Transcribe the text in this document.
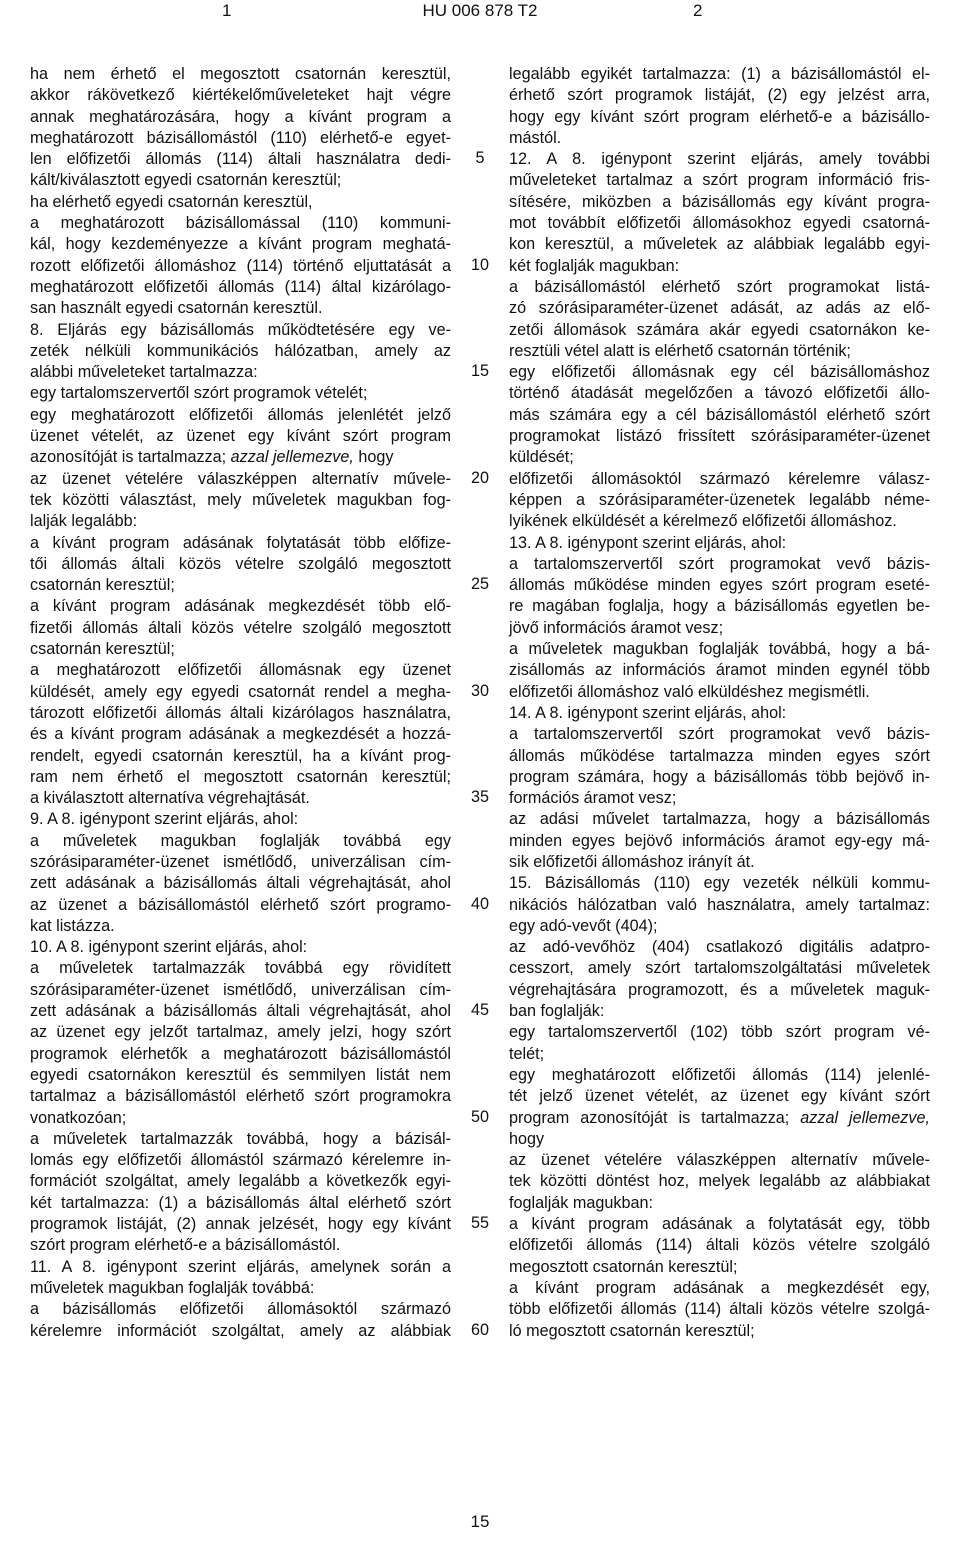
1	HU 006 878 T2	2
ha nem érhető el megosztott csatornán keresztül,
akkor rákövetkező kiértékelőműveleteket hajt végre
annak meghatározására, hogy a kívánt program a
meghatározott bázisállomástól (110) elérhető-e egyet-
len előfizetői állomás (114) általi használatra dedi-
kált/kiválasztott egyedi csatornán keresztül;
ha elérhető egyedi csatornán keresztül,
a meghatározott bázisállomással (110) kommuni-
kál, hogy kezdeményezze a kívánt program meghatá-
rozott előfizetői állomáshoz (114) történő eljuttatását a
meghatározott előfizetői állomás (114) által kizárólago-
san használt egyedi csatornán keresztül.
8. Eljárás egy bázisállomás működtetésére egy ve-
zeték nélküli kommunikációs hálózatban, amely az
alábbi műveleteket tartalmazza:
egy tartalomszervertől szórt programok vételét;
egy meghatározott előfizetői állomás jelenlétét jelző
üzenet vételét, az üzenet egy kívánt szórt program
azonosítóját is tartalmazza; azzal jellemezve, hogy
az üzenet vételére válaszképpen alternatív művele-
tek közötti választást, mely műveletek magukban fog-
lalják legalább:
a kívánt program adásának folytatását több előfize-
tői állomás általi közös vételre szolgáló megosztott
csatornán keresztül;
a kívánt program adásának megkezdését több elő-
fizetői állomás általi közös vételre szolgáló megosztott
csatornán keresztül;
a meghatározott előfizetői állomásnak egy üzenet
küldését, amely egy egyedi csatornát rendel a megha-
tározott előfizetői állomás általi kizárólagos használatra,
és a kívánt program adásának a megkezdését a hozzá-
rendelt, egyedi csatornán keresztül, ha a kívánt prog-
ram nem érhető el megosztott csatornán keresztül;
a kiválasztott alternatíva végrehajtását.
9. A 8. igénypont szerint eljárás, ahol:
a műveletek magukban foglalják továbbá egy
szórásiparaméter-üzenet ismétlődő, univerzálisan cím-
zett adásának a bázisállomás általi végrehajtását, ahol
az üzenet a bázisállomástól elérhető szórt programo-
kat listázza.
10. A 8. igénypont szerint eljárás, ahol:
a műveletek tartalmazzák továbbá egy rövidített
szórásiparaméter-üzenet ismétlődő, univerzálisan cím-
zett adásának a bázisállomás általi végrehajtását, ahol
az üzenet egy jelzőt tartalmaz, amely jelzi, hogy szórt
programok elérhetők a meghatározott bázisállomástól
egyedi csatornákon keresztül és semmilyen listát nem
tartalmaz a bázisállomástól elérhető szórt programokra
vonatkozóan;
a műveletek tartalmazzák továbbá, hogy a bázisál-
lomás egy előfizetői állomástól származó kérelemre in-
formációt szolgáltat, amely legalább a következők egyi-
két tartalmazza: (1) a bázisállomás által elérhető szórt
programok listáját, (2) annak jelzését, hogy egy kívánt
szórt program elérhető-e a bázisállomástól.
11. A 8. igénypont szerint eljárás, amelynek során a
műveletek magukban foglalják továbbá:
a bázisállomás előfizetői állomásoktól származó
kérelemre információt szolgáltat, amely az alábbiak
legalább egyikét tartalmazza: (1) a bázisállomástól el-
érhető szórt programok listáját, (2) egy jelzést arra,
hogy egy kívánt szórt program elérhető-e a bázisállo-
mástól.
12. A 8. igénypont szerint eljárás, amely további
műveleteket tartalmaz a szórt program információ fris-
sítésére, miközben a bázisállomás egy kívánt progra-
mot továbbít előfizetői állomásokhoz egyedi csatorná-
kon keresztül, a műveletek az alábbiak legalább egyi-
két foglalják magukban:
a bázisállomástól elérhető szórt programokat listá-
zó szórásiparaméter-üzenet adását, az adás az elő-
zetői állomások számára akár egyedi csatornákon ke-
resztüli vétel alatt is elérhető csatornán történik;
egy előfizetői állomásnak egy cél bázisállomáshoz
történő átadását megelőzően a távozó előfizetői állo-
más számára egy a cél bázisállomástól elérhető szórt
programokat listázó frissített szórásiparaméter-üzenet
küldését;
előfizetői állomásoktól származó kérelemre válasz-
képpen a szórásiparaméter-üzenetek legalább néme-
lyikének elküldését a kérelmező előfizetői állomáshoz.
13. A 8. igénypont szerint eljárás, ahol:
a tartalomszervertől szórt programokat vevő bázis-
állomás működése minden egyes szórt program eseté-
re magában foglalja, hogy a bázisállomás egyetlen be-
jövő információs áramot vesz;
a műveletek magukban foglalják továbbá, hogy a bá-
zisállomás az információs áramot minden egynél több
előfizetői állomáshoz való elküldéshez megismétli.
14. A 8. igénypont szerint eljárás, ahol:
a tartalomszervertől szórt programokat vevő bázis-
állomás működése tartalmazza minden egyes szórt
program számára, hogy a bázisállomás több bejövő in-
formációs áramot vesz;
az adási művelet tartalmazza, hogy a bázisállomás
minden egyes bejövő információs áramot egy-egy má-
sik előfizetői állomáshoz irányít át.
15. Bázisállomás (110) egy vezeték nélküli kommu-
nikációs hálózatban való használatra, amely tartalmaz:
egy adó-vevőt (404);
az adó-vevőhöz (404) csatlakozó digitális adatpro-
cesszort, amely szórt tartalomszolgáltatási műveletek
végrehajtására programozott, és a műveletek maguk-
ban foglalják:
egy tartalomszervertől (102) több szórt program vé-
telét;
egy meghatározott előfizetői állomás (114) jelenlé-
tét jelző üzenet vételét, az üzenet egy kívánt szórt
program azonosítóját is tartalmazza; azzal jellemezve,
hogy
az üzenet vételére válaszképpen alternatív művele-
tek közötti döntést hoz, melyek legalább az alábbiakat
foglalják magukban:
a kívánt program adásának a folytatását egy, több
előfizetői állomás (114) általi közös vételre szolgáló
megosztott csatornán keresztül;
a kívánt program adásának a megkezdését egy,
több előfizetői állomás (114) általi közös vételre szolgá-
ló megosztott csatornán keresztül;
5
10
15
20
25
30
35
40
45
50
55
60
15
